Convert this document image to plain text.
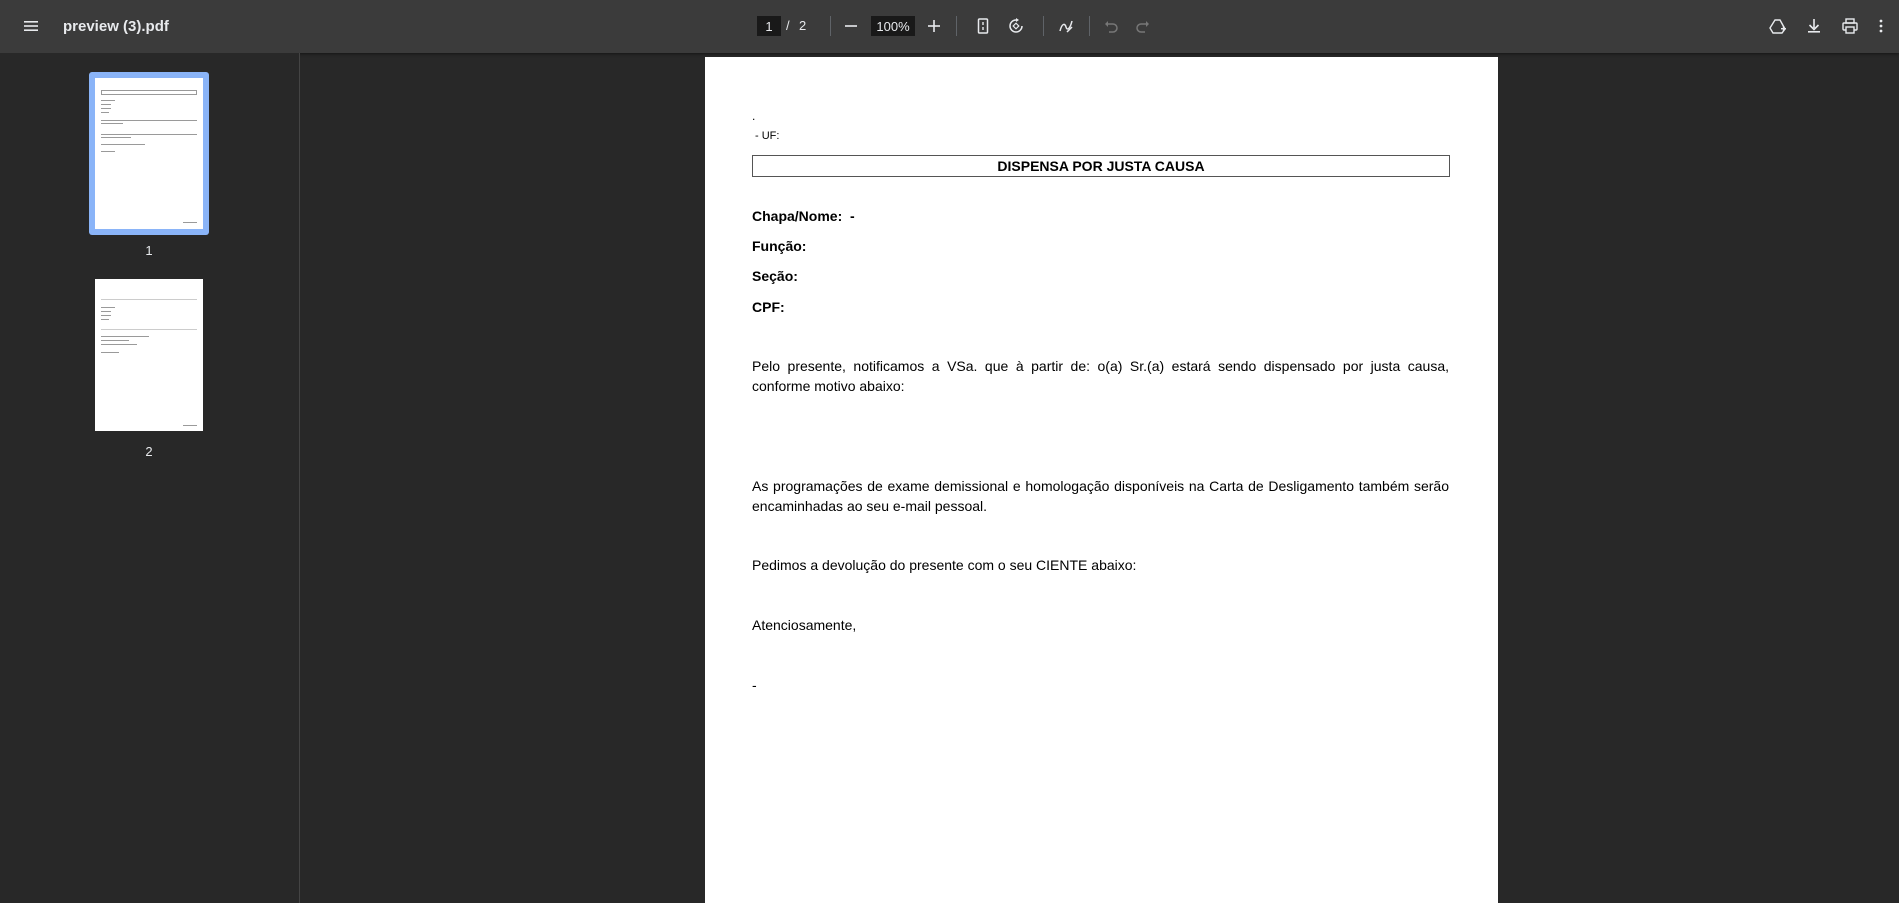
preview (3).pdf
1	/ 2
100%
1
2
.
- UF:
DISPENSA POR JUSTA CAUSA
Chapa/Nome: -
Função:
Seção:
CPF:
Pelo presente, notificamos a VSa. que à partir de: o(a) Sr.(a) estará sendo dispensado por justa causa, conforme motivo abaixo:
As programações de exame demissional e homologação disponíveis na Carta de Desligamento também serão encaminhadas ao seu e-mail pessoal.
Pedimos a devolução do presente com o seu CIENTE abaixo:
Atenciosamente,
-
